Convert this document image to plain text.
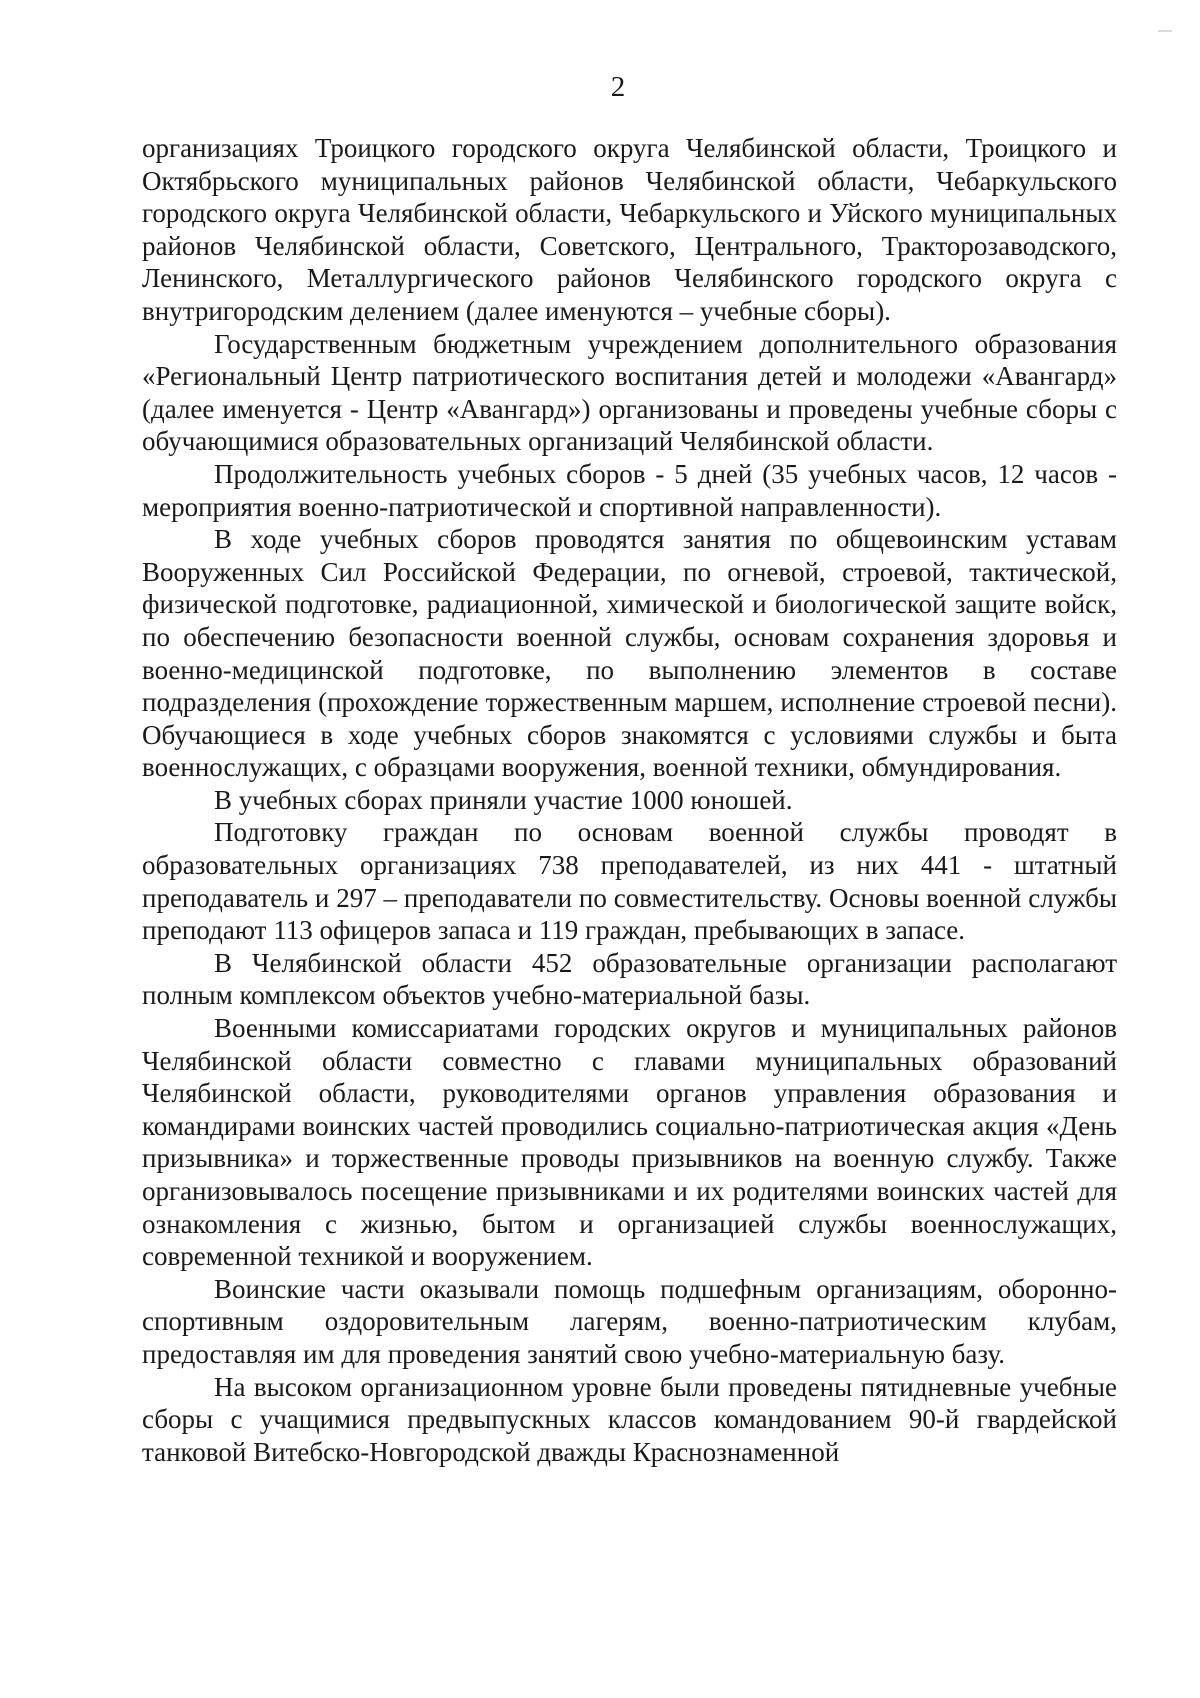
2

организациях Троицкого городского округа Челябинской области, Троицкого и Октябрьского муниципальных районов Челябинской области, Чебаркульского городского округа Челябинской области, Чебаркульского и Уйского муниципальных районов Челябинской области, Советского, Центрального, Тракторозаводского, Ленинского, Металлургического районов Челябинского городского округа с внутригородским делением (далее именуются – учебные сборы).

Государственным бюджетным учреждением дополнительного образования «Региональный Центр патриотического воспитания детей и молодежи «Авангард» (далее именуется - Центр «Авангард») организованы и проведены учебные сборы с обучающимися образовательных организаций Челябинской области.

Продолжительность учебных сборов - 5 дней (35 учебных часов, 12 часов - мероприятия военно-патриотической и спортивной направленности).

В ходе учебных сборов проводятся занятия по общевоинским уставам Вооруженных Сил Российской Федерации, по огневой, строевой, тактической, физической подготовке, радиационной, химической и биологической защите войск, по обеспечению безопасности военной службы, основам сохранения здоровья и военно-медицинской подготовке, по выполнению элементов в составе подразделения (прохождение торжественным маршем, исполнение строевой песни). Обучающиеся в ходе учебных сборов знакомятся с условиями службы и быта военнослужащих, с образцами вооружения, военной техники, обмундирования.

В учебных сборах приняли участие 1000 юношей.

Подготовку граждан по основам военной службы проводят в образовательных организациях 738 преподавателей, из них 441 - штатный преподаватель и 297 – преподаватели по совместительству. Основы военной службы преподают 113 офицеров запаса и 119 граждан, пребывающих в запасе.

В Челябинской области 452 образовательные организации располагают полным комплексом объектов учебно-материальной базы.

Военными комиссариатами городских округов и муниципальных районов Челябинской области совместно с главами муниципальных образований Челябинской области, руководителями органов управления образования и командирами воинских частей проводились социально-патриотическая акция «День призывника» и торжественные проводы призывников на военную службу. Также организовывалось посещение призывниками и их родителями воинских частей для ознакомления с жизнью, бытом и организацией службы военнослужащих, современной техникой и вооружением.

Воинские части оказывали помощь подшефным организациям, оборонно-спортивным оздоровительным лагерям, военно-патриотическим клубам, предоставляя им для проведения занятий свою учебно-материальную базу.

На высоком организационном уровне были проведены пятидневные учебные сборы с учащимися предвыпускных классов командованием 90-й гвардейской танковой Витебско-Новгородской дважды Краснознаменной
